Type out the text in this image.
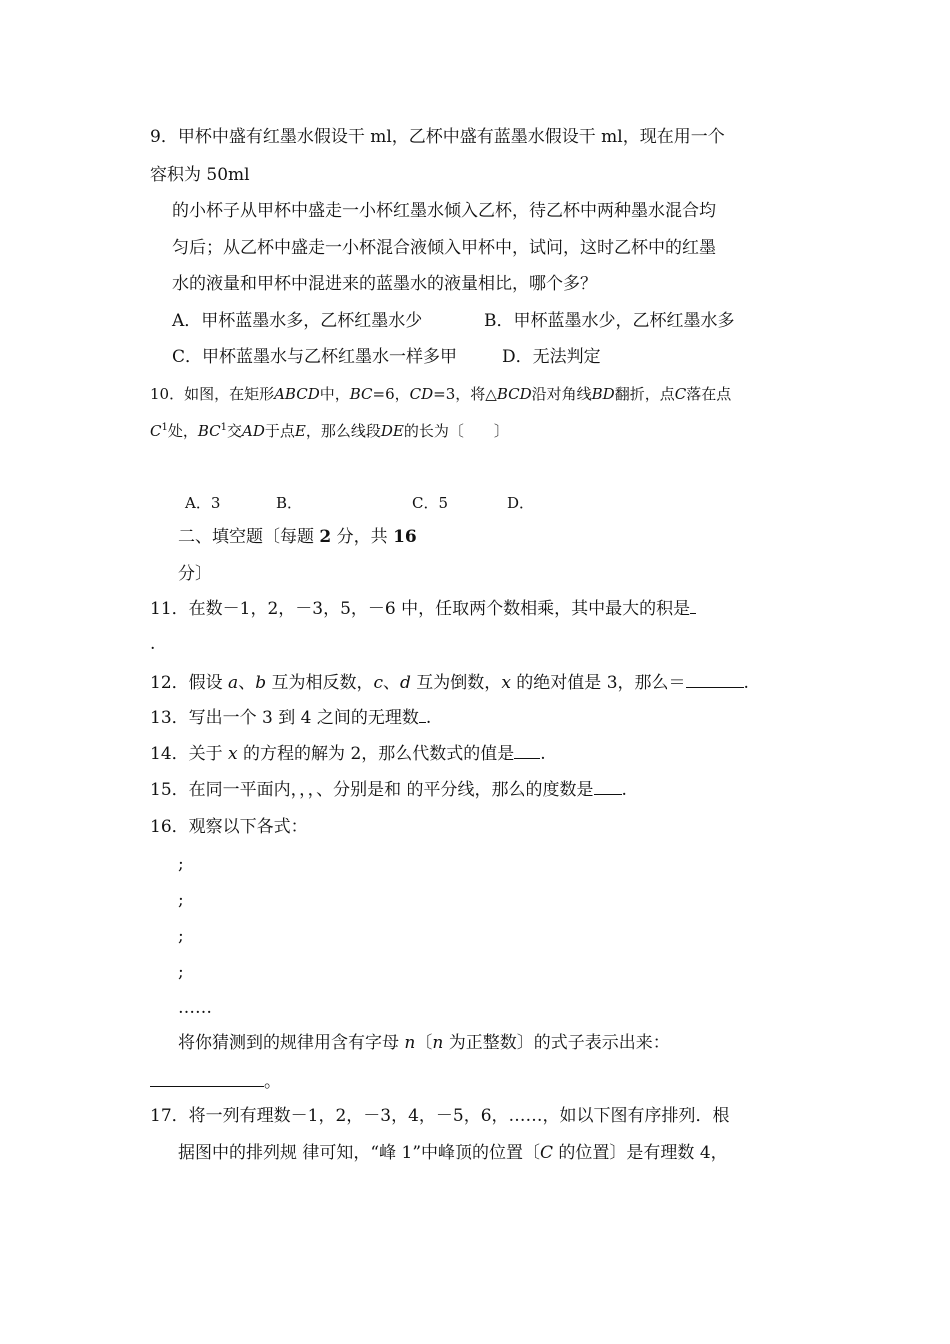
9．甲杯中盛有红墨水假设干 ml，乙杯中盛有蓝墨水假设干 ml，现在用一个
容积为 50ml
的小杯子从甲杯中盛走一小杯红墨水倾入乙杯，待乙杯中两种墨水混合均
匀后；从乙杯中盛走一小杯混合液倾入甲杯中，试问，这时乙杯中的红墨
水的液量和甲杯中混进来的蓝墨水的液量相比，哪个多？
A．甲杯蓝墨水多，乙杯红墨水少	B．甲杯蓝墨水少，乙杯红墨水多
C．甲杯蓝墨水与乙杯红墨水一样多甲	D．无法判定
10．如图，在矩形ABCD中，BC=6，CD=3，将△BCD沿对角线BD翻折，点C落在点
$C^1$处，$BC^1$交AD于点E，那么线段DE的长为〔　　〕
A．3	B．	C．5	D．
二、填空题〔每题 2 分，共 16
分〕
11．在数－1，2，－3，5，－6 中，任取两个数相乘，其中最大的积是
.
12．假设 a、b 互为相反数，c、d 互为倒数，x 的绝对值是 3，那么＝	.
13．写出一个 3 到 4 之间的无理数 .
14．关于 x 的方程的解为 2，那么代数式的值是 .
15．在同一平面内，，，、分别是和 的平分线，那么的度数是 .
16．观察以下各式：
;
;
;
;
……
将你猜测到的规律用含有字母 n〔n 为正整数〕的式子表示出来：
。
17．将一列有理数－1，2，－3，4，－5，6，……，如以下图有序排列．根
据图中的排列规 律可知，“峰 1”中峰顶的位置〔C 的位置〕是有理数 4，
